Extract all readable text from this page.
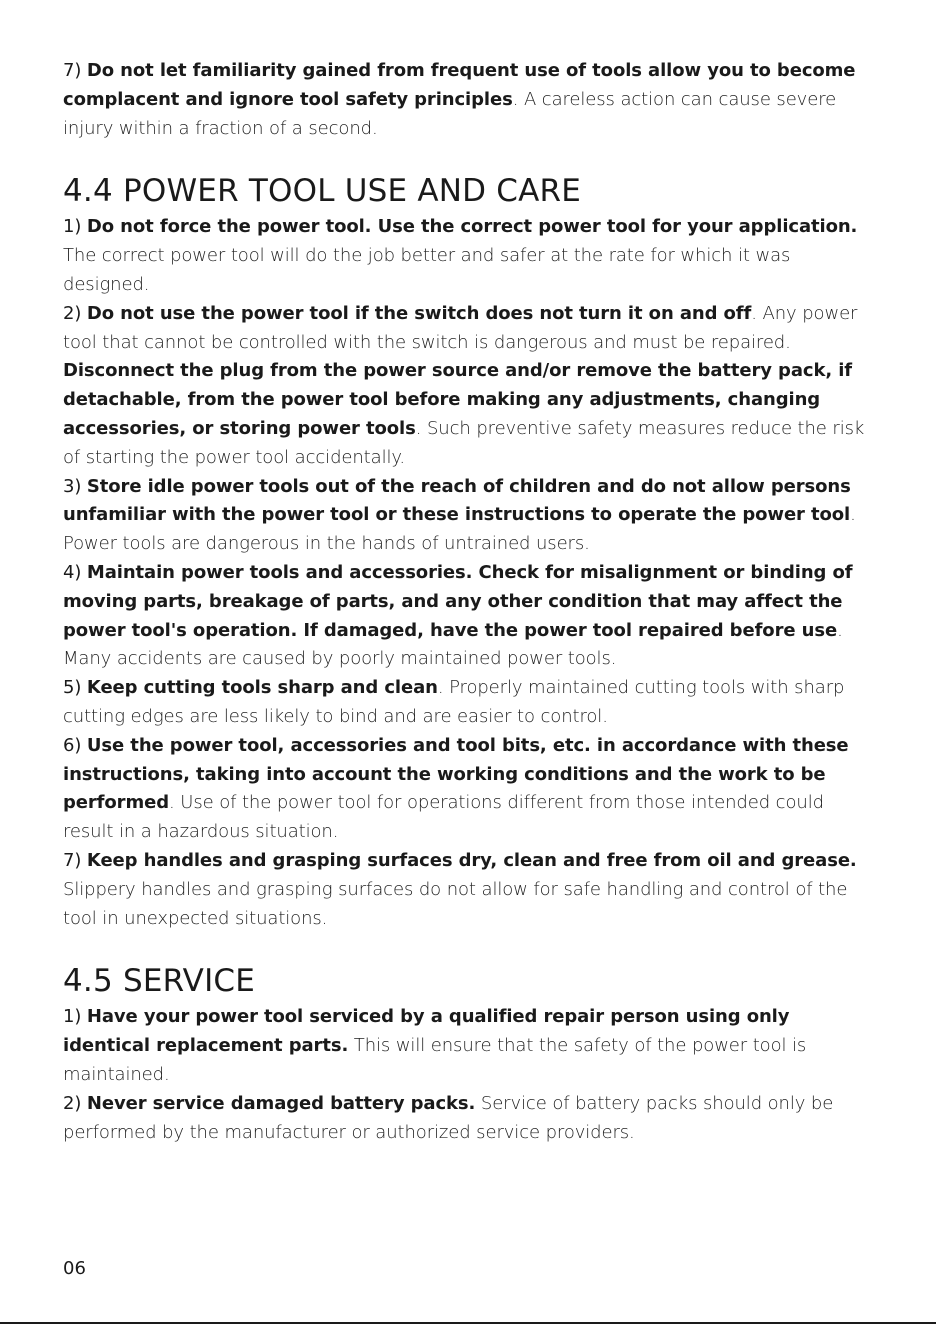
7) Do not let familiarity gained from frequent use of tools allow you to become complacent and ignore tool safety principles. A careless action can cause severe injury within a fraction of a second.

4.4 POWER TOOL USE AND CARE

1) Do not force the power tool. Use the correct power tool for your application. The correct power tool will do the job better and safer at the rate for which it was designed.

2) Do not use the power tool if the switch does not turn it on and off. Any power tool that cannot be controlled with the switch is dangerous and must be repaired. Disconnect the plug from the power source and/or remove the battery pack, if detachable, from the power tool before making any adjustments, changing accessories, or storing power tools. Such preventive safety measures reduce the risk of starting the power tool accidentally.

3) Store idle power tools out of the reach of children and do not allow persons unfamiliar with the power tool or these instructions to operate the power tool. Power tools are dangerous in the hands of untrained users.

4) Maintain power tools and accessories. Check for misalignment or binding of moving parts, breakage of parts, and any other condition that may affect the power tool's operation. If damaged, have the power tool repaired before use. Many accidents are caused by poorly maintained power tools.

5) Keep cutting tools sharp and clean. Properly maintained cutting tools with sharp cutting edges are less likely to bind and are easier to control.

6) Use the power tool, accessories and tool bits, etc. in accordance with these instructions, taking into account the working conditions and the work to be performed. Use of the power tool for operations different from those intended could result in a hazardous situation.

7) Keep handles and grasping surfaces dry, clean and free from oil and grease. Slippery handles and grasping surfaces do not allow for safe handling and control of the tool in unexpected situations.

4.5 SERVICE

1) Have your power tool serviced by a qualified repair person using only identical replacement parts. This will ensure that the safety of the power tool is maintained.

2) Never service damaged battery packs. Service of battery packs should only be performed by the manufacturer or authorized service providers.

06
